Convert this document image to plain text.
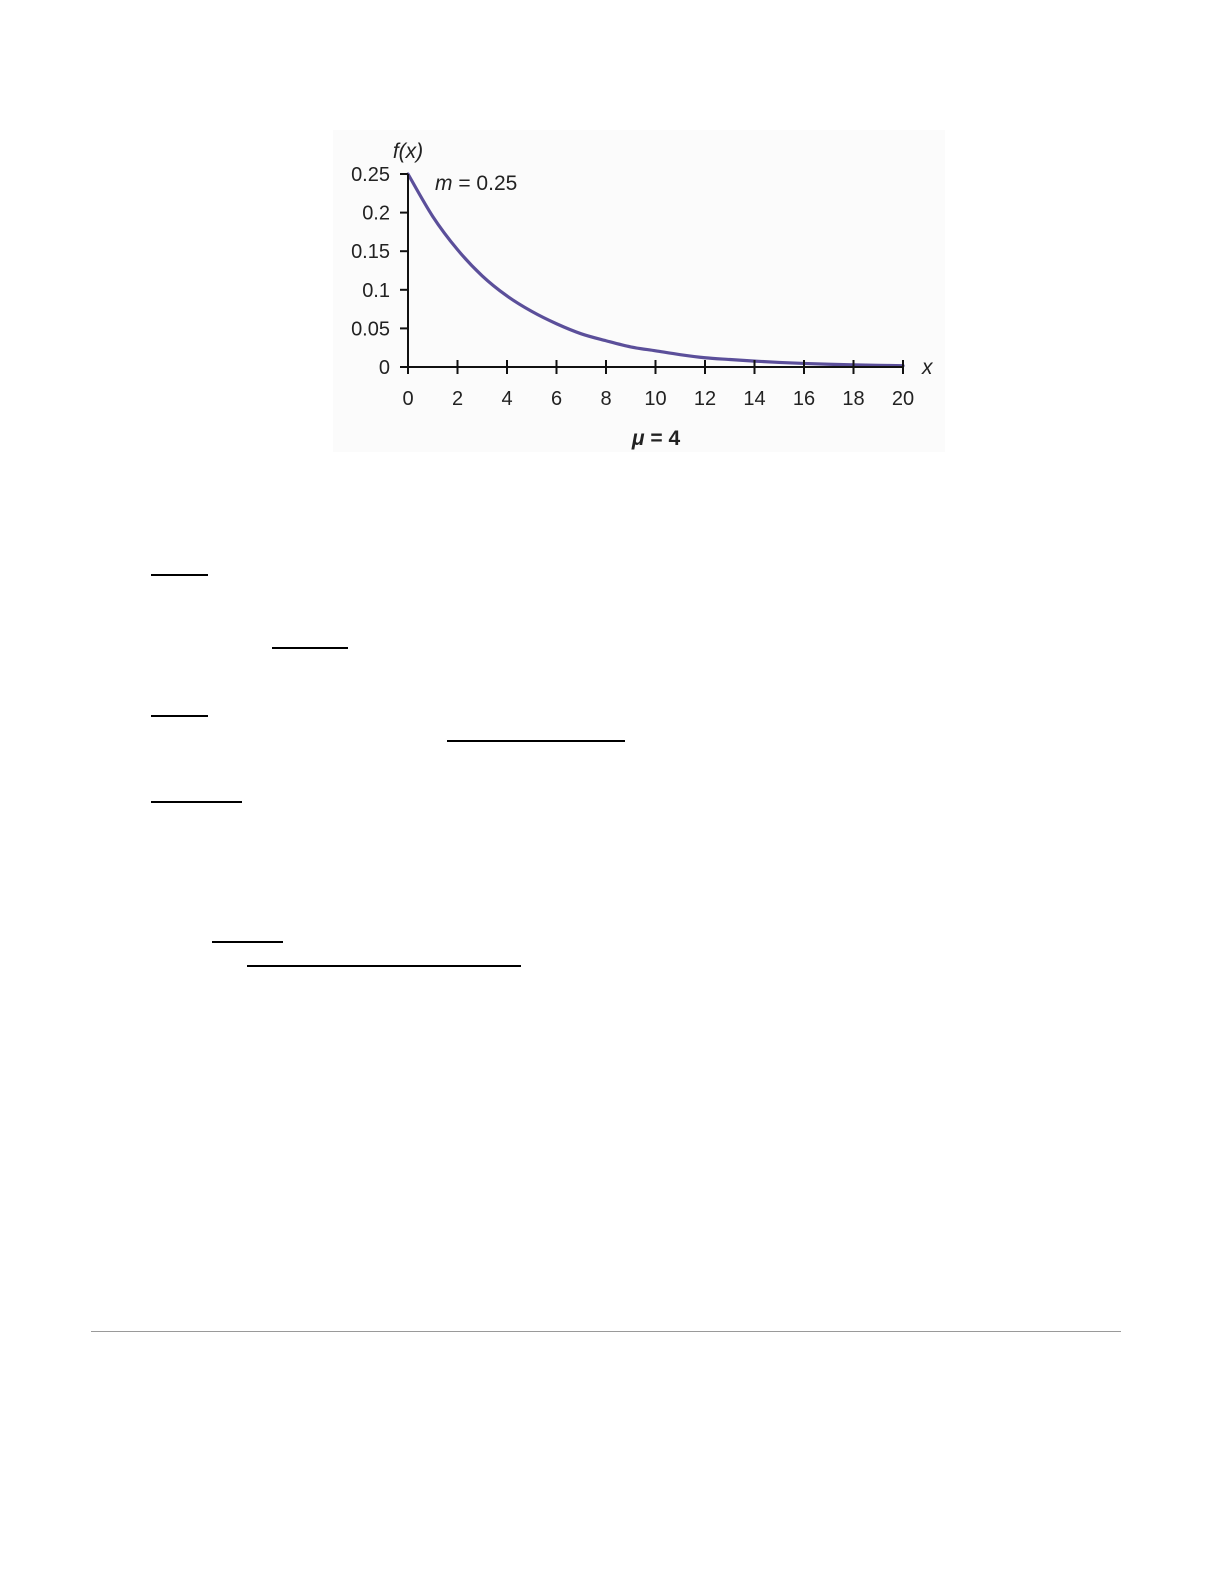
0 2 4 6 8 10 12 14 16 18 20
0
0.05
0.1
0.15
0.2
0.25
f(x)
x
m = 0.25
μ = 4
